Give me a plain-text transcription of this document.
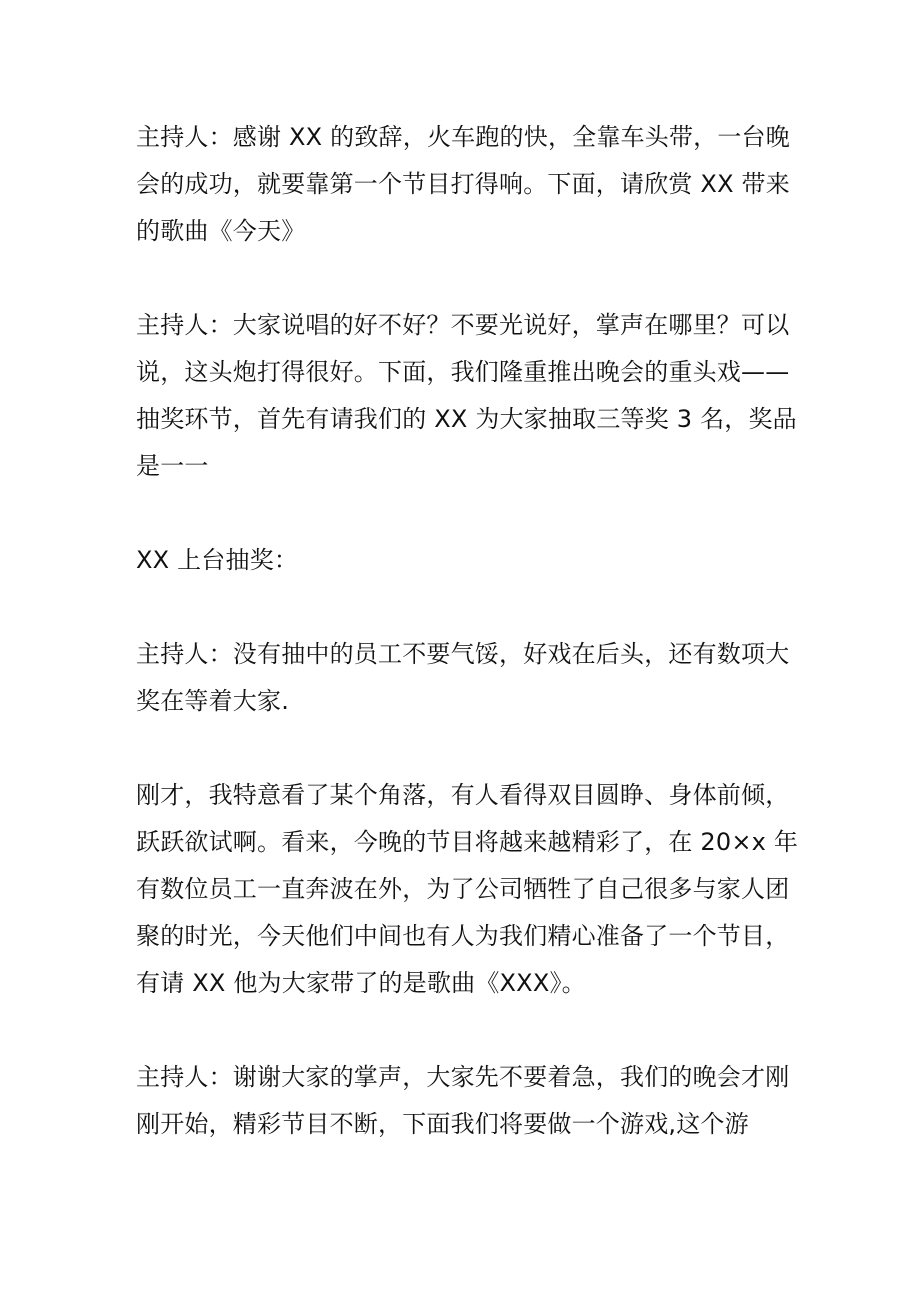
主持人：感谢 XX 的致辞，火车跑的快，全靠车头带，一台晚会的成功，就要靠第一个节目打得响。下面，请欣赏 XX 带来的歌曲《今天》

主持人：大家说唱的好不好？不要光说好，掌声在哪里？可以说，这头炮打得很好。下面，我们隆重推出晚会的重头戏——抽奖环节，首先有请我们的 XX 为大家抽取三等奖 3 名，奖品是一一

XX 上台抽奖：

主持人：没有抽中的员工不要气馁，好戏在后头，还有数项大奖在等着大家.

刚才，我特意看了某个角落，有人看得双目圆睁、身体前倾，跃跃欲试啊。看来，今晚的节目将越来越精彩了，在 20×x 年有数位员工一直奔波在外，为了公司牺牲了自己很多与家人团聚的时光，今天他们中间也有人为我们精心准备了一个节目，有请 XX 他为大家带了的是歌曲《XXX》。

主持人：谢谢大家的掌声，大家先不要着急，我们的晚会才刚刚开始，精彩节目不断，下面我们将要做一个游戏,这个游
